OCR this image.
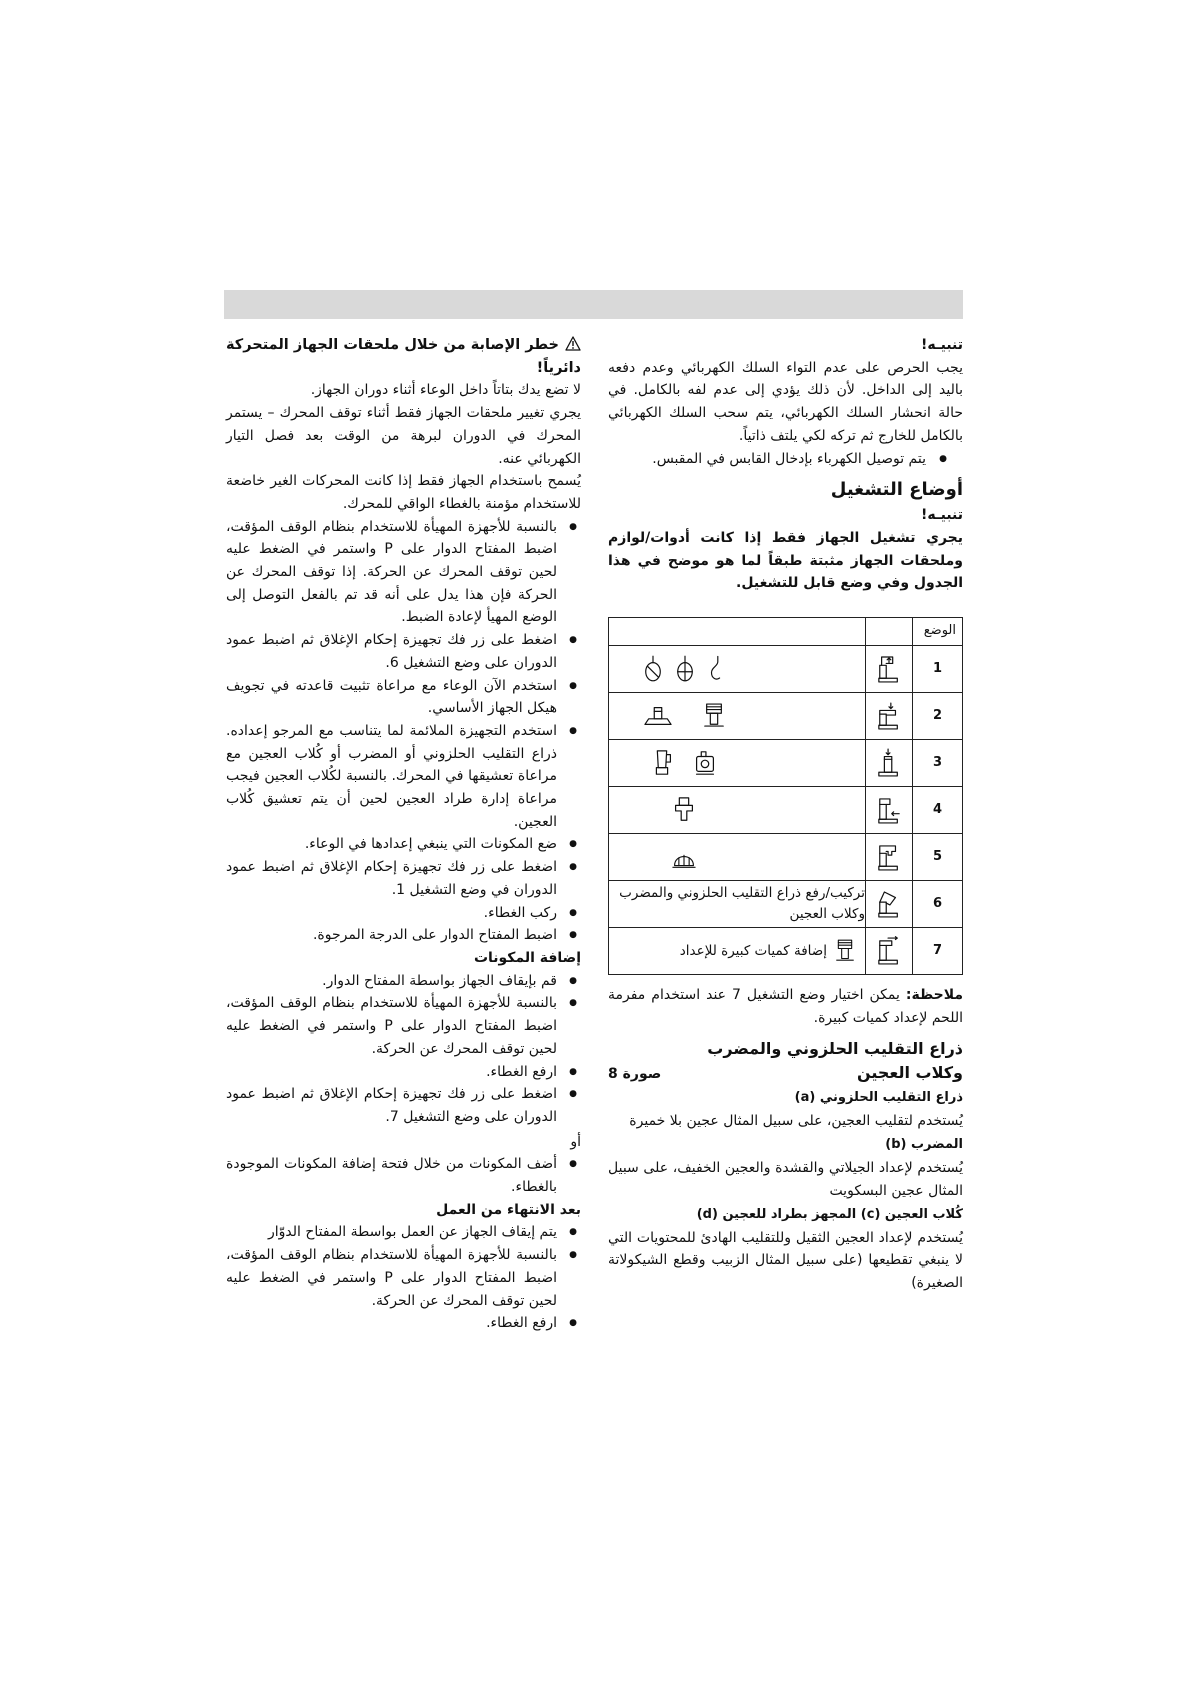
تنبيـه!

يجب الحرص على عدم التواء السلك الكهربائي وعدم دفعه باليد إلى الداخل. لأن ذلك يؤدي إلى عدم لفه بالكامل. في حالة انحشار السلك الكهربائي، يتم سحب السلك الكهربائي بالكامل للخارج ثم تركه لكي يلتف ذاتياً.

● يتم توصيل الكهرباء بإدخال القابس في المقبس.
أوضاع التشغيل

تنبيـه!

يجري تشغيل الجهاز فقط إذا كانت أدوات/لوازم وملحقات الجهاز مثبتة طبقاً لما هو موضح في هذا الجدول وفي وضع قابل للتشغيل.

الوضع		
1		

2		

3		

4		

5		

6		تركيب/رفع ذراع التقليب الحلزوني والمضرب وكلاب العجين
7		إضافة كميات كبيرة للإعداد

ملاحظة: يمكن اختيار وضع التشغيل 7 عند استخدام مفرمة اللحم لإعداد كميات كبيرة.

ذراع التقليب الحلزوني والمضرب
وكلاب العجين
صورة 8

ذراع التقليب الحلزوني (a)

يُستخدم لتقليب العجين، على سبيل المثال عجين بلا خميرة

المضرب (b)

يُستخدم لإعداد الجيلاتي والقشدة والعجين الخفيف، على سبيل المثال عجين البسكويت

كُلاب العجين (c) المجهز بطراد للعجين (d)

يُستخدم لإعداد العجين الثقيل وللتقليب الهادئ للمحتويات التي لا ينبغي تقطيعها (على سبيل المثال الزبيب وقطع الشيكولاتة الصغيرة)

خطر الإصابة من خلال ملحقات الجهاز المتحركة دائرياً!

لا تضع يدك بتاتاً داخل الوعاء أثناء دوران الجهاز.

يجري تغيير ملحقات الجهاز فقط أثناء توقف المحرك – يستمر المحرك في الدوران لبرهة من الوقت بعد فصل التيار الكهربائي عنه.

يُسمح باستخدام الجهاز فقط إذا كانت المحركات الغير خاضعة للاستخدام مؤمنة بالغطاء الواقي للمحرك.

● بالنسبة للأجهزة المهيأة للاستخدام بنظام الوقف المؤقت، اضبط المفتاح الدوار على P واستمر في الضغط عليه لحين توقف المحرك عن الحركة. إذا توقف المحرك عن الحركة فإن هذا يدل على أنه قد تم بالفعل التوصل إلى الوضع المهيأ لإعادة الضبط.
● اضغط على زر فك تجهيزة إحكام الإغلاق ثم اضبط عمود الدوران على وضع التشغيل 6.
● استخدم الآن الوعاء مع مراعاة تثبيت قاعدته في تجويف هيكل الجهاز الأساسي.
● استخدم التجهيزة الملائمة لما يتناسب مع المرجو إعداده. ذراع التقليب الحلزوني أو المضرب أو كُلاب العجين مع مراعاة تعشيقها في المحرك. بالنسبة لكُلاب العجين فيجب مراعاة إدارة طراد العجين لحين أن يتم تعشيق كُلاب العجين.
● ضع المكونات التي ينبغي إعدادها في الوعاء.
● اضغط على زر فك تجهيزة إحكام الإغلاق ثم اضبط عمود الدوران في وضع التشغيل 1.
● ركب الغطاء.
● اضبط المفتاح الدوار على الدرجة المرجوة.

إضافة المكونات

● قم بإيقاف الجهاز بواسطة المفتاح الدوار.
● بالنسبة للأجهزة المهيأة للاستخدام بنظام الوقف المؤقت، اضبط المفتاح الدوار على P واستمر في الضغط عليه لحين توقف المحرك عن الحركة.
● ارفع الغطاء.
● اضغط على زر فك تجهيزة إحكام الإغلاق ثم اضبط عمود الدوران على وضع التشغيل 7.

أو

● أضف المكونات من خلال فتحة إضافة المكونات الموجودة بالغطاء.

بعد الانتهاء من العمل

● يتم إيقاف الجهاز عن العمل بواسطة المفتاح الدوّار
● بالنسبة للأجهزة المهيأة للاستخدام بنظام الوقف المؤقت، اضبط المفتاح الدوار على P واستمر في الضغط عليه لحين توقف المحرك عن الحركة.
● ارفع الغطاء.
